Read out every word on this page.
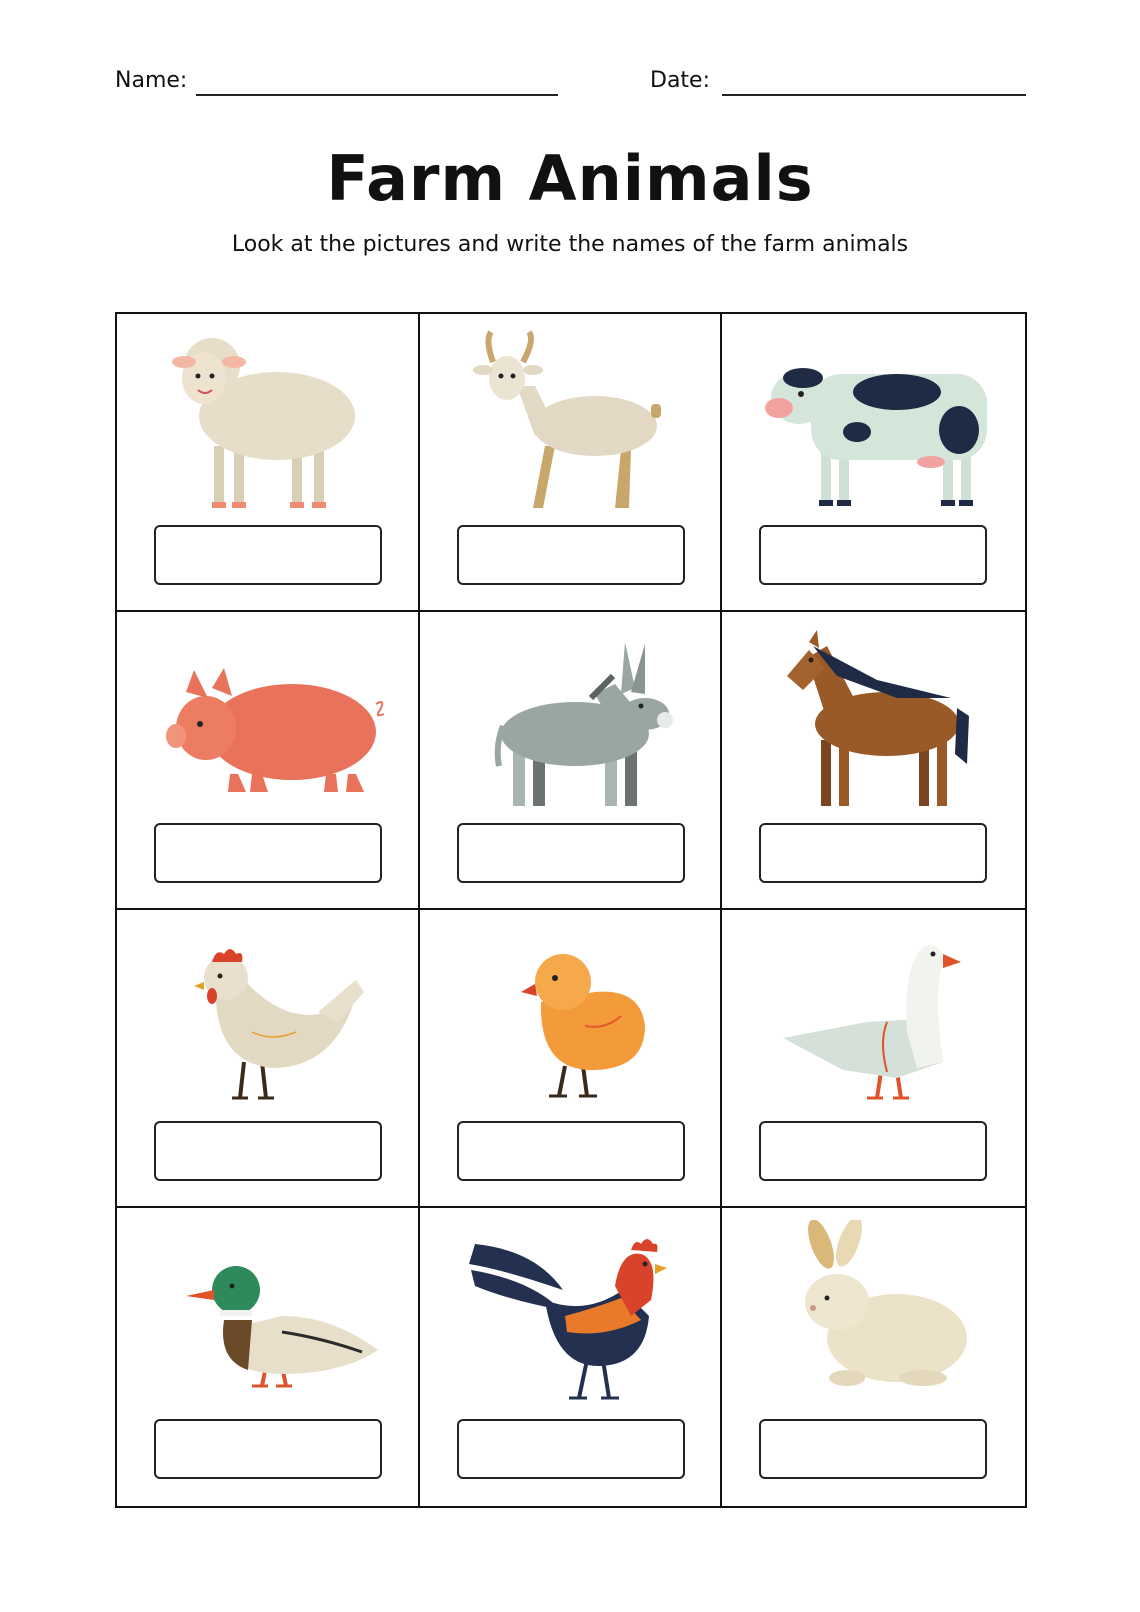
Name:	Date:
Farm Animals
Look at the pictures and write the names of the farm animals
